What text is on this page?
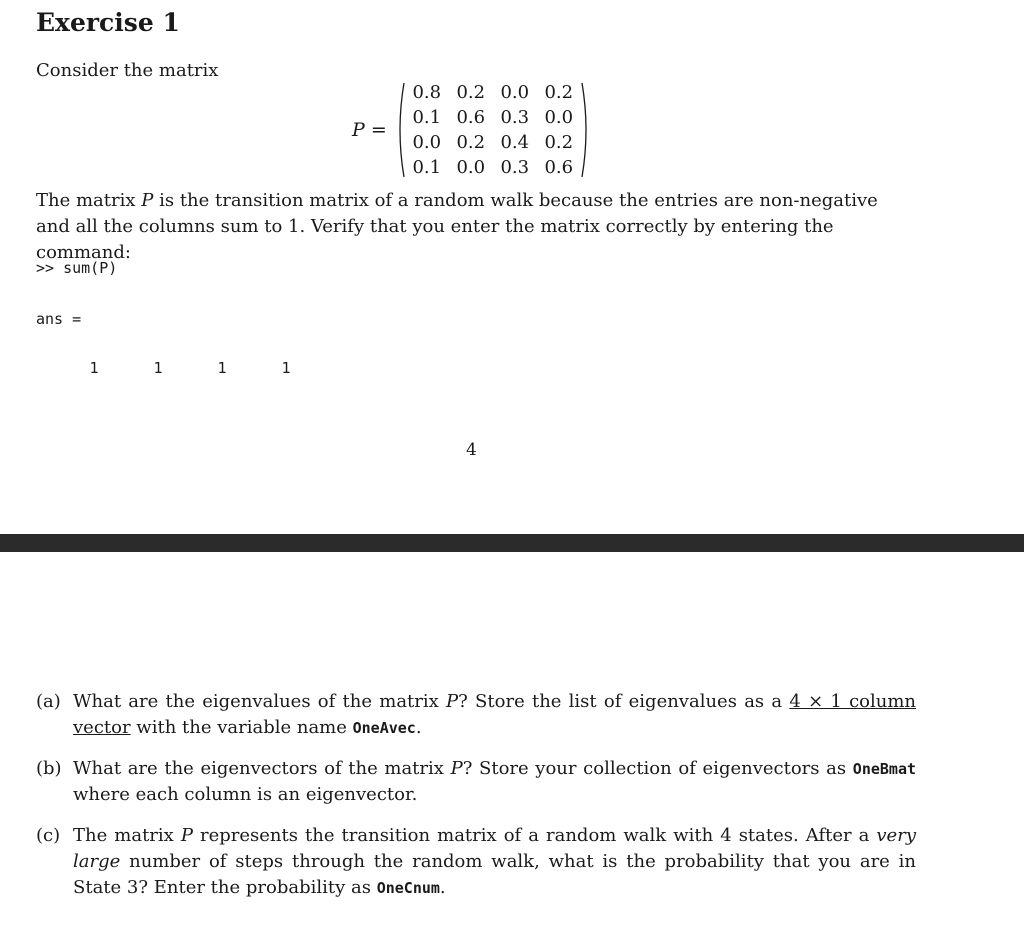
Exercise 1
Consider the matrix
P =
0.8 0.2 0.0 0.2
0.1 0.6 0.3 0.0
0.0 0.2 0.4 0.2
0.1 0.0 0.3 0.6

The matrix P is the transition matrix of a random walk because the entries are non-negative and all the columns sum to 1. Verify that you enter the matrix correctly by entering the command:

>> sum(P)
ans =
1	1	1	1
4
(a) What are the eigenvalues of the matrix P? Store the list of eigenvalues as a 4 × 1 column vector with the variable name OneAvec.
(b) What are the eigenvectors of the matrix P? Store your collection of eigenvectors as OneBmat where each column is an eigenvector.
(c) The matrix P represents the transition matrix of a random walk with 4 states. After a very large number of steps through the random walk, what is the probability that you are in State 3? Enter the probability as OneCnum.
